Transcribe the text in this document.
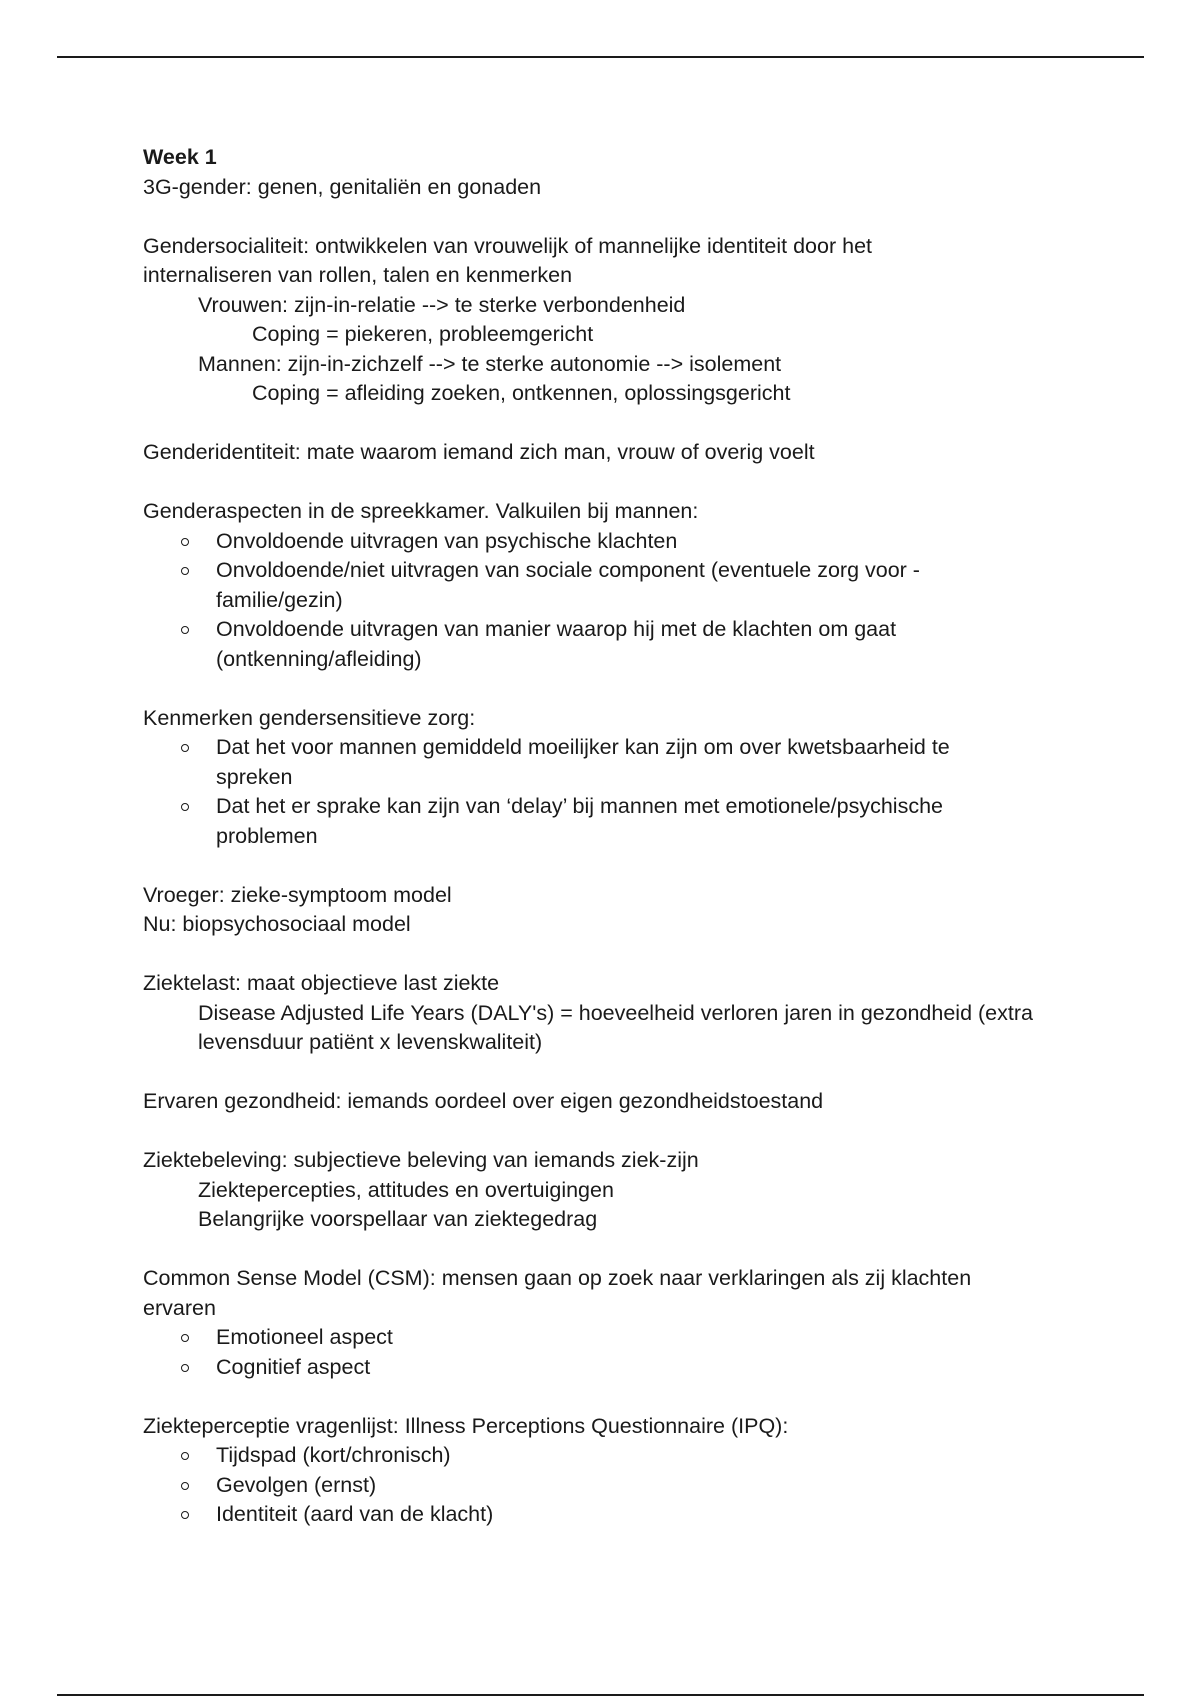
Week 1

3G-gender: genen, genitaliën en gonaden

Gendersocialiteit: ontwikkelen van vrouwelijk of mannelijke identiteit door het internaliseren van rollen, talen en kenmerken

Vrouwen: zijn-in-relatie --> te sterke verbondenheid

Coping = piekeren, probleemgericht

Mannen: zijn-in-zichzelf --> te sterke autonomie --> isolement

Coping = afleiding zoeken, ontkennen, oplossingsgericht

Genderidentiteit: mate waarom iemand zich man, vrouw of overig voelt

Genderaspecten in de spreekkamer. Valkuilen bij mannen:

Onvoldoende uitvragen van psychische klachten
Onvoldoende/niet uitvragen van sociale component (eventuele zorg voor - familie/gezin)
Onvoldoende uitvragen van manier waarop hij met de klachten om gaat (ontkenning/afleiding)

Kenmerken gendersensitieve zorg:

Dat het voor mannen gemiddeld moeilijker kan zijn om over kwetsbaarheid te spreken
Dat het er sprake kan zijn van ‘delay’ bij mannen met emotionele/psychische problemen

Vroeger: zieke-symptoom model

Nu: biopsychosociaal model

Ziektelast: maat objectieve last ziekte

Disease Adjusted Life Years (DALY's) = hoeveelheid verloren jaren in gezondheid (extra levensduur patiënt x levenskwaliteit)

Ervaren gezondheid: iemands oordeel over eigen gezondheidstoestand

Ziektebeleving: subjectieve beleving van iemands ziek-zijn

Ziektepercepties, attitudes en overtuigingen

Belangrijke voorspellaar van ziektegedrag

Common Sense Model (CSM): mensen gaan op zoek naar verklaringen als zij klachten ervaren

Emotioneel aspect
Cognitief aspect

Ziekteperceptie vragenlijst: Illness Perceptions Questionnaire (IPQ):

Tijdspad (kort/chronisch)
Gevolgen (ernst)
Identiteit (aard van de klacht)
